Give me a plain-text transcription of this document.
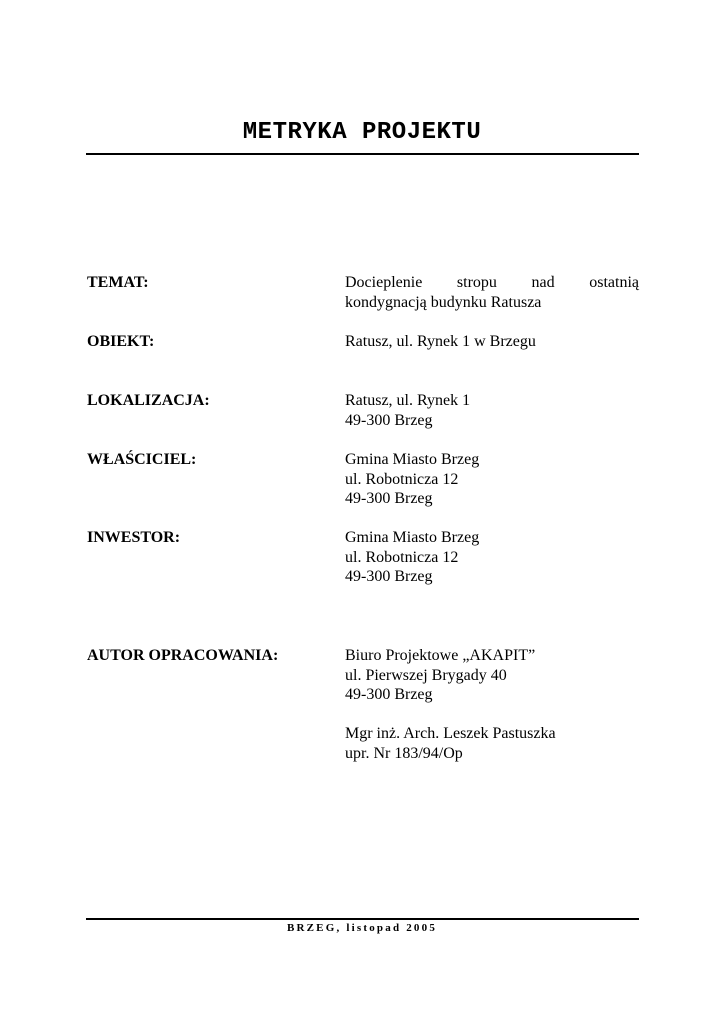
METRYKA PROJEKTU
TEMAT:	Docieplenie stropu nad ostatnią
kondygnacją budynku Ratusza
OBIEKT:	Ratusz, ul. Rynek 1 w Brzegu
LOKALIZACJA:	Ratusz, ul. Rynek 1
49-300 Brzeg
WŁAŚCICIEL:	Gmina Miasto Brzeg
ul. Robotnicza 12
49-300 Brzeg
INWESTOR:	Gmina Miasto Brzeg
ul. Robotnicza 12
49-300 Brzeg
AUTOR OPRACOWANIA:	Biuro Projektowe „AKAPIT”
ul. Pierwszej Brygady 40
49-300 Brzeg
Mgr inż. Arch. Leszek Pastuszka
upr. Nr 183/94/Op
BRZEG, listopad 2005
